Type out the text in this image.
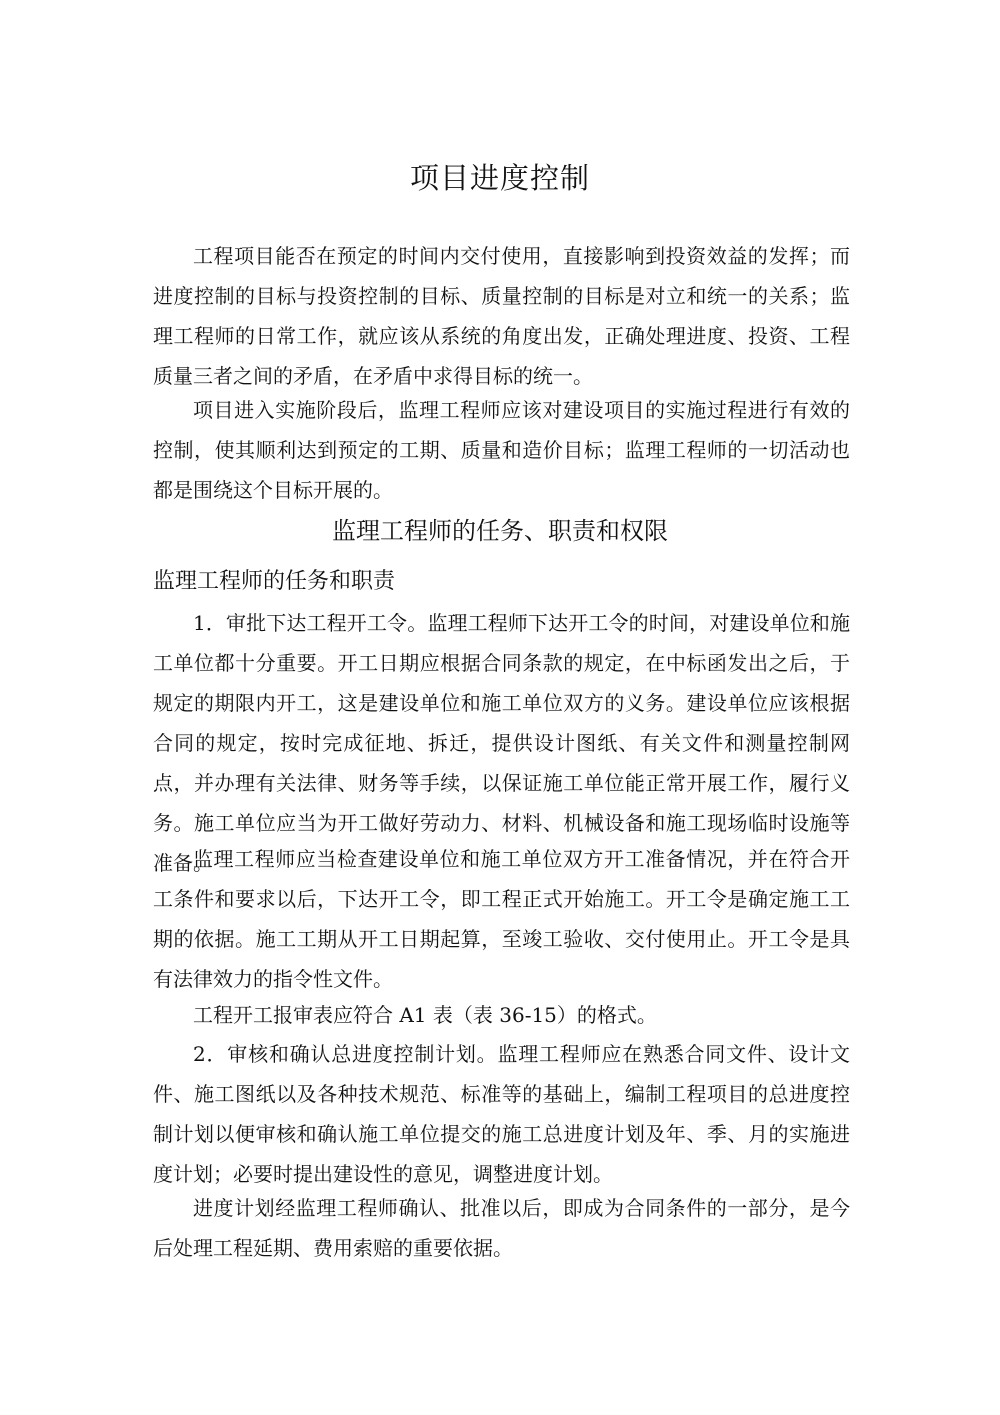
项目进度控制

工程项目能否在预定的时间内交付使用，直接影响到投资效益的发挥；而进度控制的目标与投资控制的目标、质量控制的目标是对立和统一的关系；监理工程师的日常工作，就应该从系统的角度出发，正确处理进度、投资、工程质量三者之间的矛盾，在矛盾中求得目标的统一。

项目进入实施阶段后，监理工程师应该对建设项目的实施过程进行有效的控制，使其顺利达到预定的工期、质量和造价目标；监理工程师的一切活动也都是围绕这个目标开展的。

监理工程师的任务、职责和权限
监理工程师的任务和职责

1．审批下达工程开工令。监理工程师下达开工令的时间，对建设单位和施工单位都十分重要。开工日期应根据合同条款的规定，在中标函发出之后，于规定的期限内开工，这是建设单位和施工单位双方的义务。建设单位应该根据合同的规定，按时完成征地、拆迁，提供设计图纸、有关文件和测量控制网点，并办理有关法律、财务等手续，以保证施工单位能正常开展工作，履行义务。施工单位应当为开工做好劳动力、材料、机械设备和施工现场临时设施等准备。

监理工程师应当检查建设单位和施工单位双方开工准备情况，并在符合开工条件和要求以后，下达开工令，即工程正式开始施工。开工令是确定施工工期的依据。施工工期从开工日期起算，至竣工验收、交付使用止。开工令是具有法律效力的指令性文件。

工程开工报审表应符合 A1 表（表 36-15）的格式。

2．审核和确认总进度控制计划。监理工程师应在熟悉合同文件、设计文件、施工图纸以及各种技术规范、标准等的基础上，编制工程项目的总进度控制计划以便审核和确认施工单位提交的施工总进度计划及年、季、月的实施进度计划；必要时提出建设性的意见，调整进度计划。

进度计划经监理工程师确认、批准以后，即成为合同条件的一部分，是今后处理工程延期、费用索赔的重要依据。
